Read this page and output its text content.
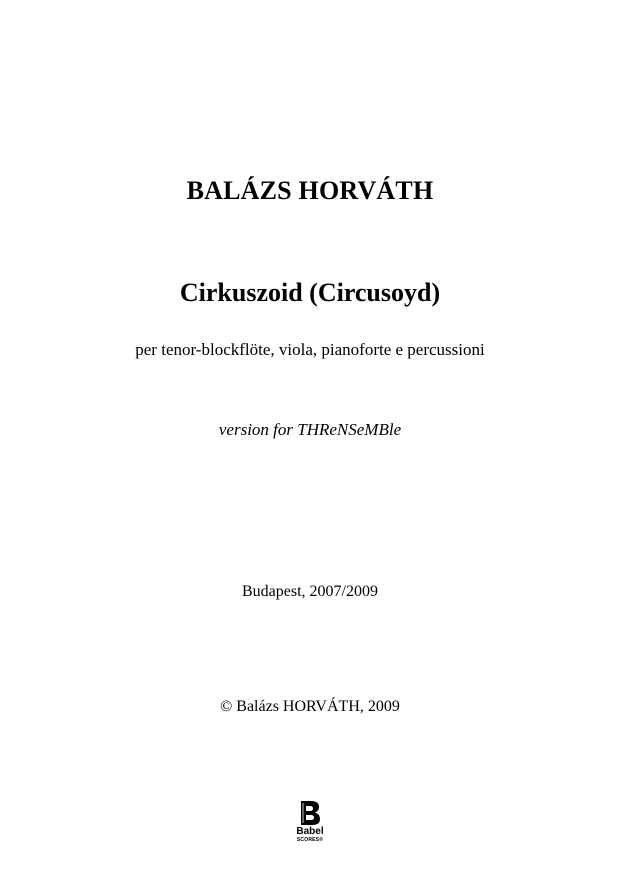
BALÁZS HORVÁTH
Cirkuszoid (Circusoyd)
per tenor-blockflöte, viola, pianoforte e percussioni
version for THReNSeMBle
Budapest, 2007/2009
© Balázs HORVÁTH, 2009
Babel
SCORES®
